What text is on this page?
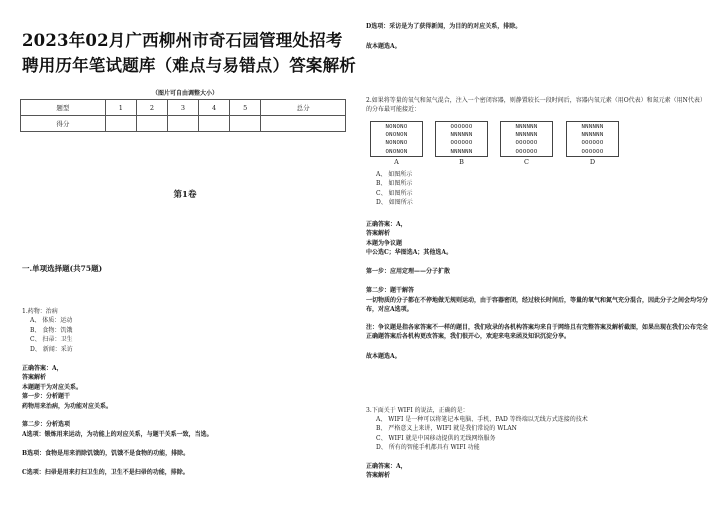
2023年02月广西柳州市奇石园管理处招考聘用历年笔试题库（难点与易错点）答案解析
（图片可自由调整大小）
题型	1	2	3	4	5	总分
得分						
第1卷
一.单项选择题(共75题)
1.药物：治病
A、 体质：运动
B、 食物：饥饿
C、 扫帚：卫生
D、 新闻：采访
正确答案：A，
答案解析
本题题干为对应关系。
第一步：分析题干
药物用来治病，为功能对应关系。
第二步：分析选项
A选项：锻炼用来运动，为功能上的对应关系，与题干关系一致，当选。
B选项：食物是用来消除饥饿的，饥饿不是食物的功能，排除。
C选项：扫帚是用来打扫卫生的，卫生不是扫帚的功能，排除。
D选项：采访是为了获得新闻，为目的的对应关系，排除。
故本题选A。
2.如果将等量的氧气和氮气混合，注入一个密闭容器，则静置较长一段时间后，容器内氧元素（用O代表）和氮元素（用N代表）的分布最可能接近：
NONONO
ONONON
NONONO
ONONON
A
OOOOOO
NNNNNN
OOOOOO
NNNNNN
B
NNNNNN
NNNNNN
OOOOOO
OOOOOO
C
NNNNNN
NNNNNN
OOOOOO
OOOOOO
D
A、 如图所示
B、 如图所示
C、 如图所示
D、 如图所示
正确答案：A，
答案解析
本题为争议题
中公选C；华图选A；其他选A。
第一步：应用定理——分子扩散
第二步：题干解答
一切物质的分子都在不停地做无规则运动，由于容器密闭，经过较长时间后，等量的氧气和氮气充分混合，因此分子之间会均匀分布，对应A选项。
注：争议题是指各家答案不一样的题目，我们收录的各机构答案均来自于网络且有完整答案及解析截图，如果出现在我们公布完全正确题答案后各机构更改答案，我们很开心，欢迎来电来函及知识沉淀分享。
故本题选A。
3.下面关于 WIFI 的说法，正确的是：
A、 WIFI 是一种可以将笔记本电脑、手机、PAD 等终端以无线方式连接的技术
B、 严格意义上来讲，WIFI 就是我们常说的 WLAN
C、 WIFI 就是中国移动提供的无线网络服务
D、 所有的智能手机都具有 WIFI 功能
正确答案：A，
答案解析
